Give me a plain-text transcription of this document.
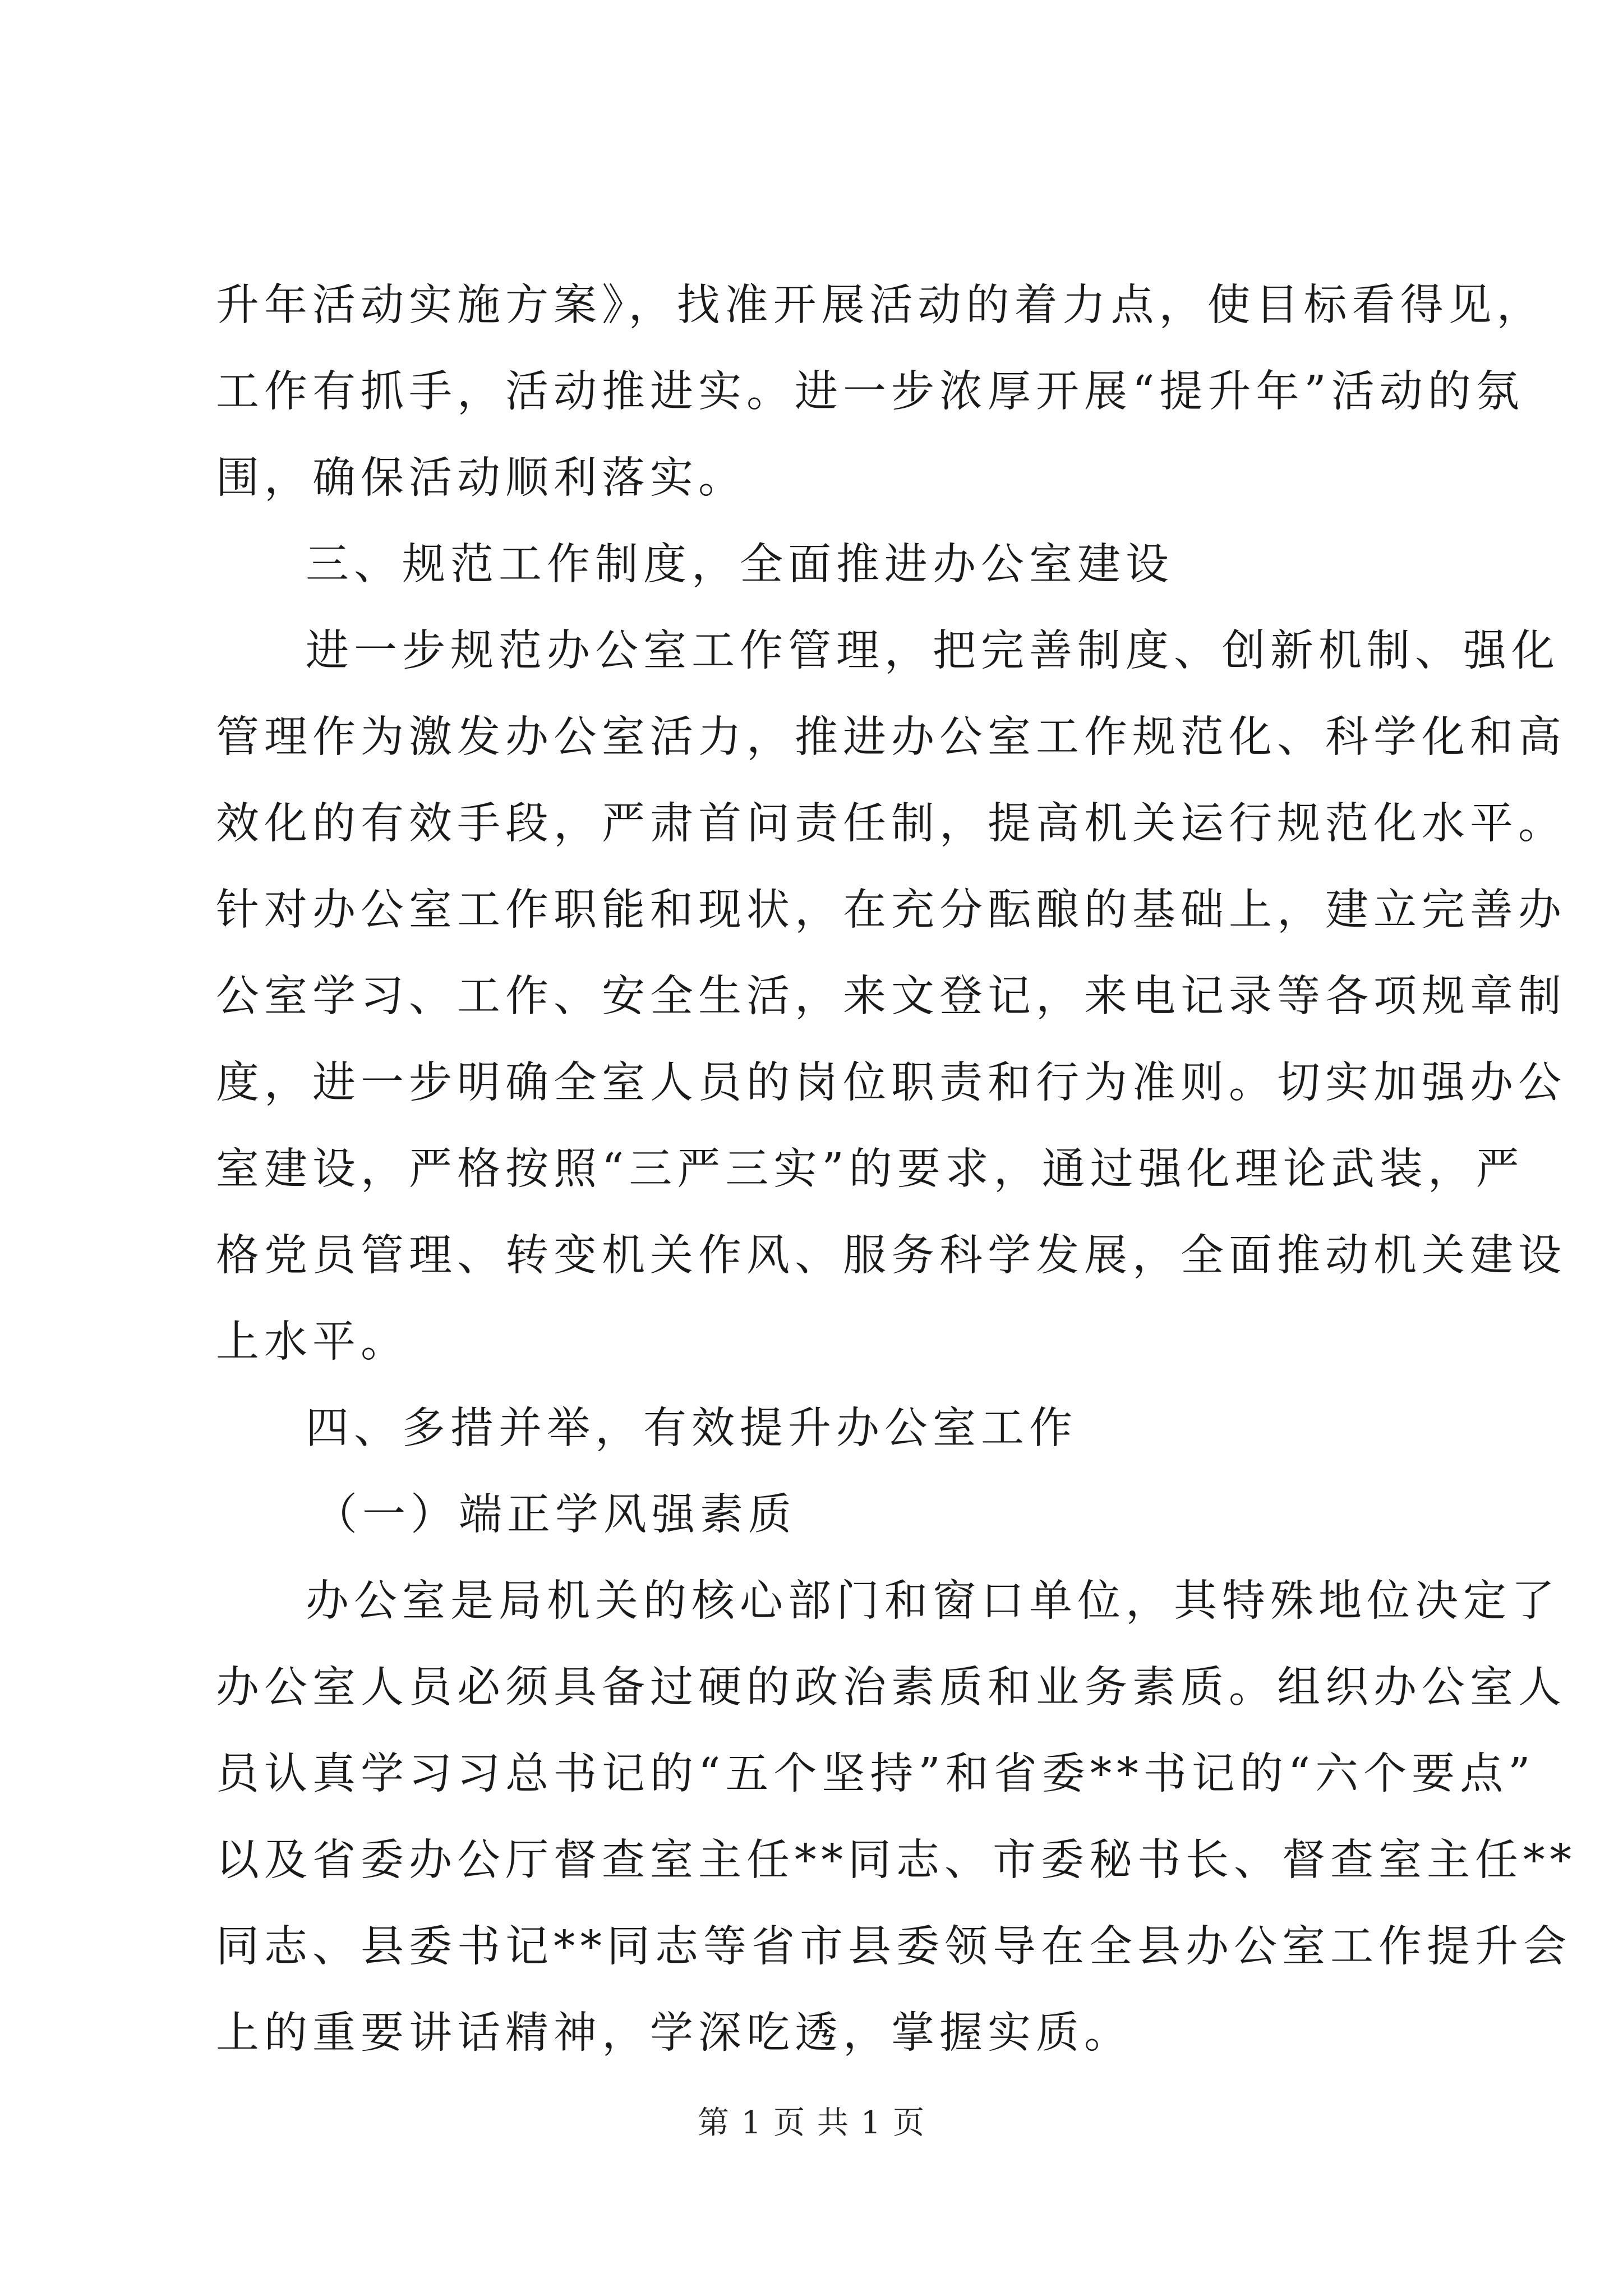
升年活动实施方案》，找准开展活动的着力点，使目标看得见，
工作有抓手，活动推进实。进一步浓厚开展“提升年”活动的氛
围，确保活动顺利落实。
三、规范工作制度，全面推进办公室建设
进一步规范办公室工作管理，把完善制度、创新机制、强化
管理作为激发办公室活力，推进办公室工作规范化、科学化和高
效化的有效手段，严肃首问责任制，提高机关运行规范化水平。
针对办公室工作职能和现状，在充分酝酿的基础上，建立完善办
公室学习、工作、安全生活，来文登记，来电记录等各项规章制
度，进一步明确全室人员的岗位职责和行为准则。切实加强办公
室建设，严格按照“三严三实”的要求，通过强化理论武装，严
格党员管理、转变机关作风、服务科学发展，全面推动机关建设
上水平。
四、多措并举，有效提升办公室工作
（一）端正学风强素质
办公室是局机关的核心部门和窗口单位，其特殊地位决定了
办公室人员必须具备过硬的政治素质和业务素质。组织办公室人
员认真学习习总书记的“五个坚持”和省委**书记的“六个要点”
以及省委办公厅督查室主任**同志、市委秘书长、督查室主任**
同志、县委书记**同志等省市县委领导在全县办公室工作提升会
上的重要讲话精神，学深吃透，掌握实质。
第 1 页 共 1 页
